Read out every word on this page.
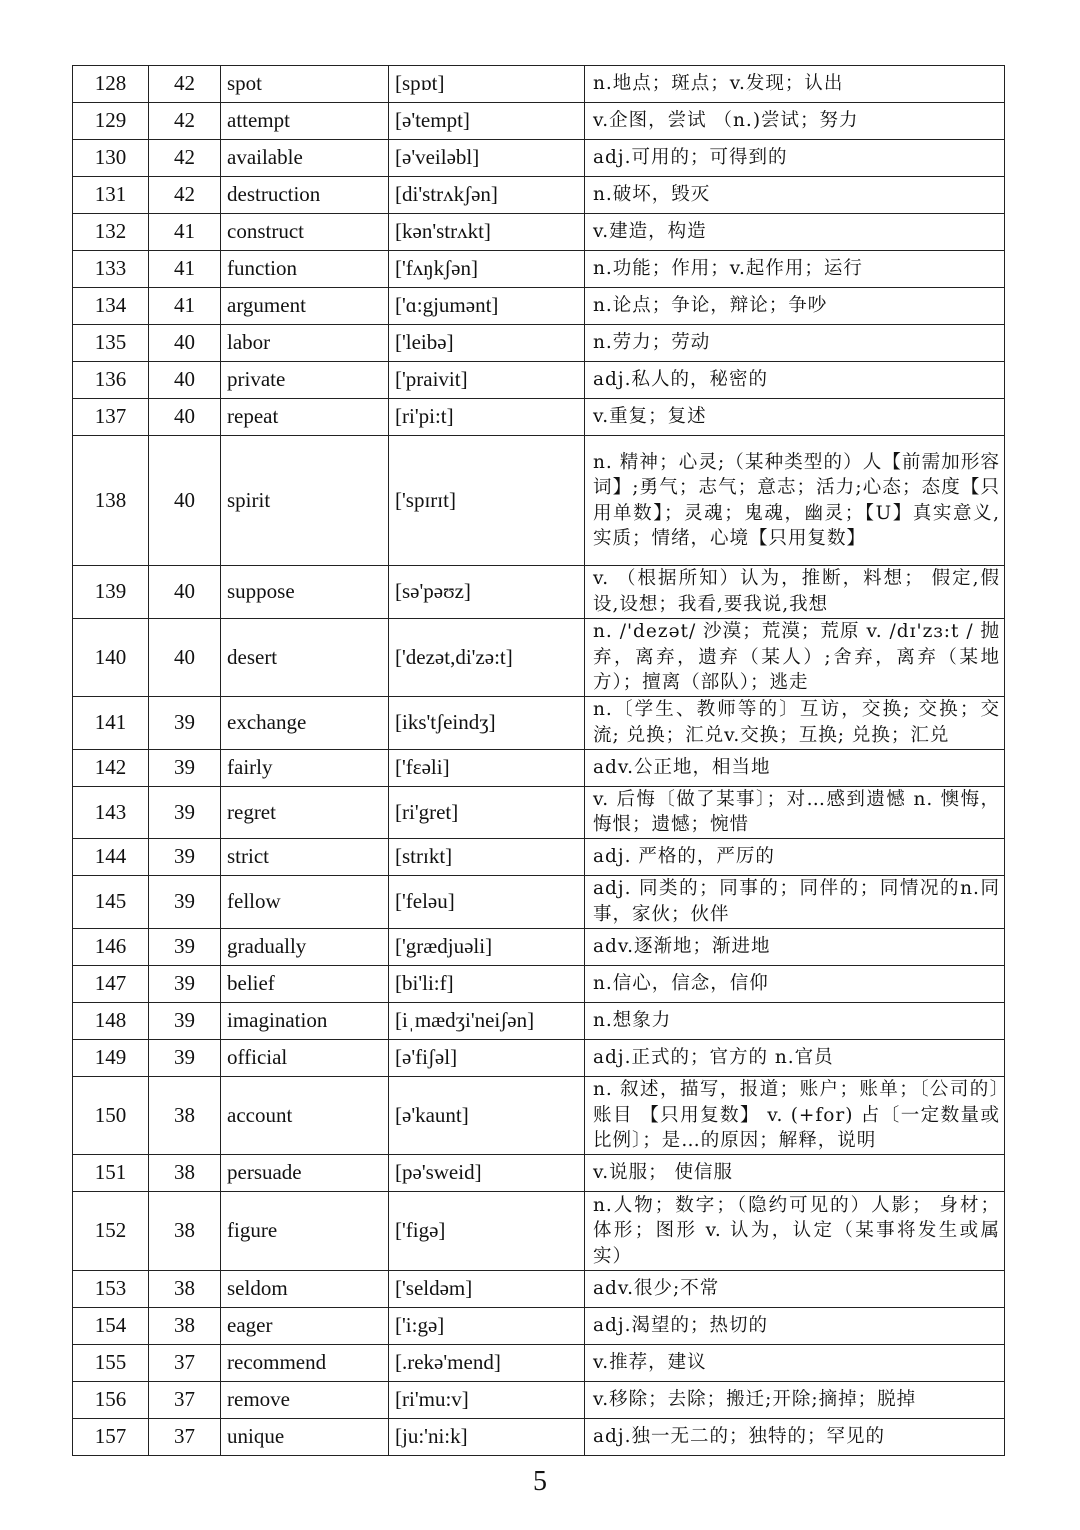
128	42	spot	[spɒt]	n.地点；斑点；v.发现；认出
129	42	attempt	[ə'tempt]	v.企图，尝试 （n.)尝试；努力
130	42	available	[ə'veiləbl]	adj.可用的；可得到的
131	42	destruction	[di'strʌkʃən]	n.破坏，毁灭
132	41	construct	[kən'strʌkt]	v.建造，构造
133	41	function	['fʌŋkʃən]	n.功能；作用；v.起作用；运行
134	41	argument	['ɑ:gjumənt]	n.论点；争论，辩论；争吵
135	40	labor	['leibə]	n.劳力；劳动
136	40	private	['praivit]	adj.私人的，秘密的
137	40	repeat	[ri'pi:t]	v.重复；复述
138	40	spirit	['spɪrɪt]	n. 精神；心灵;（某种类型的）人【前需加形容词】;勇气；志气；意志；活力;心态；态度【只用单数】；灵魂；鬼魂，幽灵；【U】真实意义,实质；情绪，心境【只用复数】
139	40	suppose	[sə'pəʊz]	v. （根据所知）认为，推断，料想； 假定,假设,设想；我看,要我说,我想
140	40	desert	['dezət,di'zə:t]	n. /'dezət/ 沙漠；荒漠；荒原 v. /dɪ'zɜ:t / 抛弃，离弃，遗弃（某人）;舍弃，离弃（某地方）；擅离（部队）；逃走
141	39	exchange	[iks'tʃeindʒ]	n.〔学生、教师等的〕互访，交换; 交换；交流; 兑换；汇兑v.交换；互换; 兑换；汇兑
142	39	fairly	['fεəli]	adv.公正地，相当地
143	39	regret	[ri'gret]	v. 后悔〔做了某事〕；对…感到遗憾 n. 懊悔，悔恨；遗憾；惋惜
144	39	strict	[strɪkt]	adj. 严格的，严厉的
145	39	fellow	['feləu]	adj. 同类的；同事的；同伴的；同情况的n.同事，家伙；伙伴
146	39	gradually	['grædjuəli]	adv.逐渐地；渐进地
147	39	belief	[bi'li:f]	n.信心，信念，信仰
148	39	imagination	[iˌmædʒi'neiʃən]	n.想象力
149	39	official	[ə'fiʃəl]	adj.正式的；官方的 n.官员
150	38	account	[ə'kaunt]	n. 叙述，描写，报道；账户；账单；〔公司的〕账目 【只用复数】 v. (+for) 占〔一定数量或比例〕；是…的原因；解释，说明
151	38	persuade	[pə'sweid]	v.说服； 使信服
152	38	figure	['figə]	n.人物；数字；（隐约可见的）人影； 身材；体形；图形 v. 认为，认定（某事将发生或属实）
153	38	seldom	['seldəm]	adv.很少;不常
154	38	eager	['i:gə]	adj.渴望的；热切的
155	37	recommend	[.rekə'mend]	v.推荐，建议
156	37	remove	[ri'mu:v]	v.移除；去除；搬迁;开除;摘掉；脱掉
157	37	unique	[ju:'ni:k]	adj.独一无二的；独特的；罕见的
5
